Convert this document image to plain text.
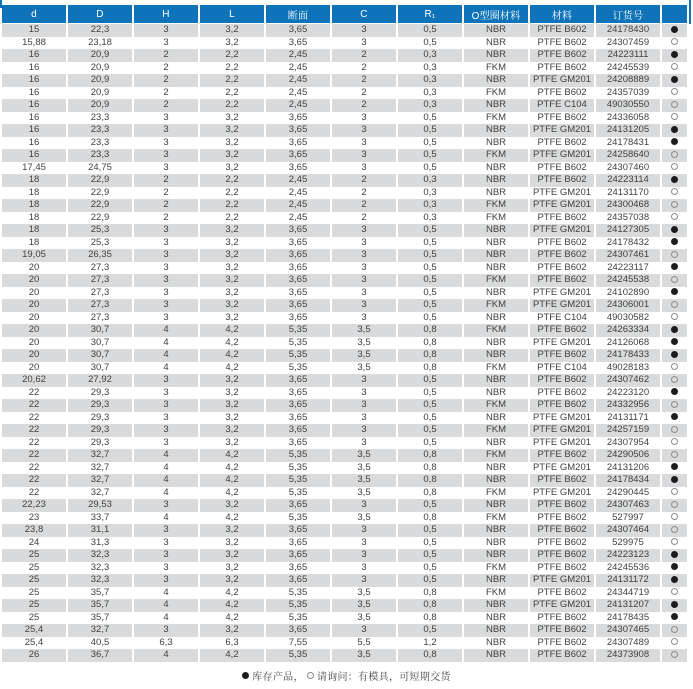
d	D	H	L	断面	C	R₁	O型圈材料	材料	订货号	
15	22,3	3	3,2	3,65	3	0,5	NBR	PTFE B602	24178430	
15,88	23,18	3	3,2	3,65	3	0,5	NBR	PTFE B602	24307459	
16	20,9	2	2,2	2,45	2	0,3	NBR	PTFE B602	24223111	
16	20,9	2	2,2	2,45	2	0,3	FKM	PTFE B602	24245539	
16	20,9	2	2,2	2,45	2	0,3	NBR	PTFE GM201	24208889	
16	20,9	2	2,2	2,45	2	0,3	FKM	PTFE B602	24357039	
16	20,9	2	2,2	2,45	2	0,3	NBR	PTFE C104	49030550	
16	23,3	3	3,2	3,65	3	0,5	FKM	PTFE B602	24336058	
16	23,3	3	3,2	3,65	3	0,5	NBR	PTFE GM201	24131205	
16	23,3	3	3,2	3,65	3	0,5	NBR	PTFE B602	24178431	
16	23,3	3	3,2	3,65	3	0,5	FKM	PTFE GM201	24258640	
17,45	24,75	3	3,2	3,65	3	0,5	NBR	PTFE B602	24307460	
18	22,9	2	2,2	2,45	2	0,3	NBR	PTFE B602	24223114	
18	22,9	2	2,2	2,45	2	0,3	NBR	PTFE GM201	24131170	
18	22,9	2	2,2	2,45	2	0,3	FKM	PTFE GM201	24300468	
18	22,9	2	2,2	2,45	2	0,3	FKM	PTFE B602	24357038	
18	25,3	3	3,2	3,65	3	0,5	NBR	PTFE GM201	24127305	
18	25,3	3	3,2	3,65	3	0,5	NBR	PTFE B602	24178432	
19,05	26,35	3	3,2	3,65	3	0,5	NBR	PTFE B602	24307461	
20	27,3	3	3,2	3,65	3	0,5	NBR	PTFE B602	24223117	
20	27,3	3	3,2	3,65	3	0,5	FKM	PTFE B602	24245538	
20	27,3	3	3,2	3,65	3	0,5	NBR	PTFE GM201	24102890	
20	27,3	3	3,2	3,65	3	0,5	FKM	PTFE GM201	24306001	
20	27,3	3	3,2	3,65	3	0,5	NBR	PTFE C104	49030582	
20	30,7	4	4,2	5,35	3,5	0,8	FKM	PTFE B602	24263334	
20	30,7	4	4,2	5,35	3,5	0,8	NBR	PTFE GM201	24126068	
20	30,7	4	4,2	5,35	3,5	0,8	NBR	PTFE B602	24178433	
20	30,7	4	4,2	5,35	3,5	0,8	FKM	PTFE C104	49028183	
20,62	27,92	3	3,2	3,65	3	0,5	NBR	PTFE B602	24307462	
22	29,3	3	3,2	3,65	3	0,5	NBR	PTFE B602	24223120	
22	29,3	3	3,2	3,65	3	0,5	FKM	PTFE B602	24332956	
22	29,3	3	3,2	3,65	3	0,5	NBR	PTFE GM201	24131171	
22	29,3	3	3,2	3,65	3	0,5	FKM	PTFE GM201	24257159	
22	29,3	3	3,2	3,65	3	0,5	NBR	PTFE GM201	24307954	
22	32,7	4	4,2	5,35	3,5	0,8	FKM	PTFE B602	24290506	
22	32,7	4	4,2	5,35	3,5	0,8	NBR	PTFE GM201	24131206	
22	32,7	4	4,2	5,35	3,5	0,8	NBR	PTFE B602	24178434	
22	32,7	4	4,2	5,35	3,5	0,8	FKM	PTFE GM201	24290445	
22,23	29,53	3	3,2	3,65	3	0,5	NBR	PTFE B602	24307463	
23	33,7	4	4,2	5,35	3,5	0,8	FKM	PTFE B602	527997	
23,8	31,1	3	3,2	3,65	3	0,5	NBR	PTFE B602	24307464	
24	31,3	3	3,2	3,65	3	0,5	NBR	PTFE B602	529975	
25	32,3	3	3,2	3,65	3	0,5	NBR	PTFE B602	24223123	
25	32,3	3	3,2	3,65	3	0,5	FKM	PTFE B602	24245536	
25	32,3	3	3,2	3,65	3	0,5	NBR	PTFE GM201	24131172	
25	35,7	4	4,2	5,35	3,5	0,8	FKM	PTFE B602	24344719	
25	35,7	4	4,2	5,35	3,5	0,8	NBR	PTFE GM201	24131207	
25	35,7	4	4,2	5,35	3,5	0,8	NBR	PTFE B602	24178435	
25,4	32,7	3	3,2	3,65	3	0,5	NBR	PTFE B602	24307465	
25,4	40,5	6,3	6,3	7,55	5,5	1,2	NBR	PTFE B602	24307489	
26	36,7	4	4,2	5,35	3,5	0,8	NBR	PTFE B602	24373908	
库存产品， 请询问：有模具，可短期交货
